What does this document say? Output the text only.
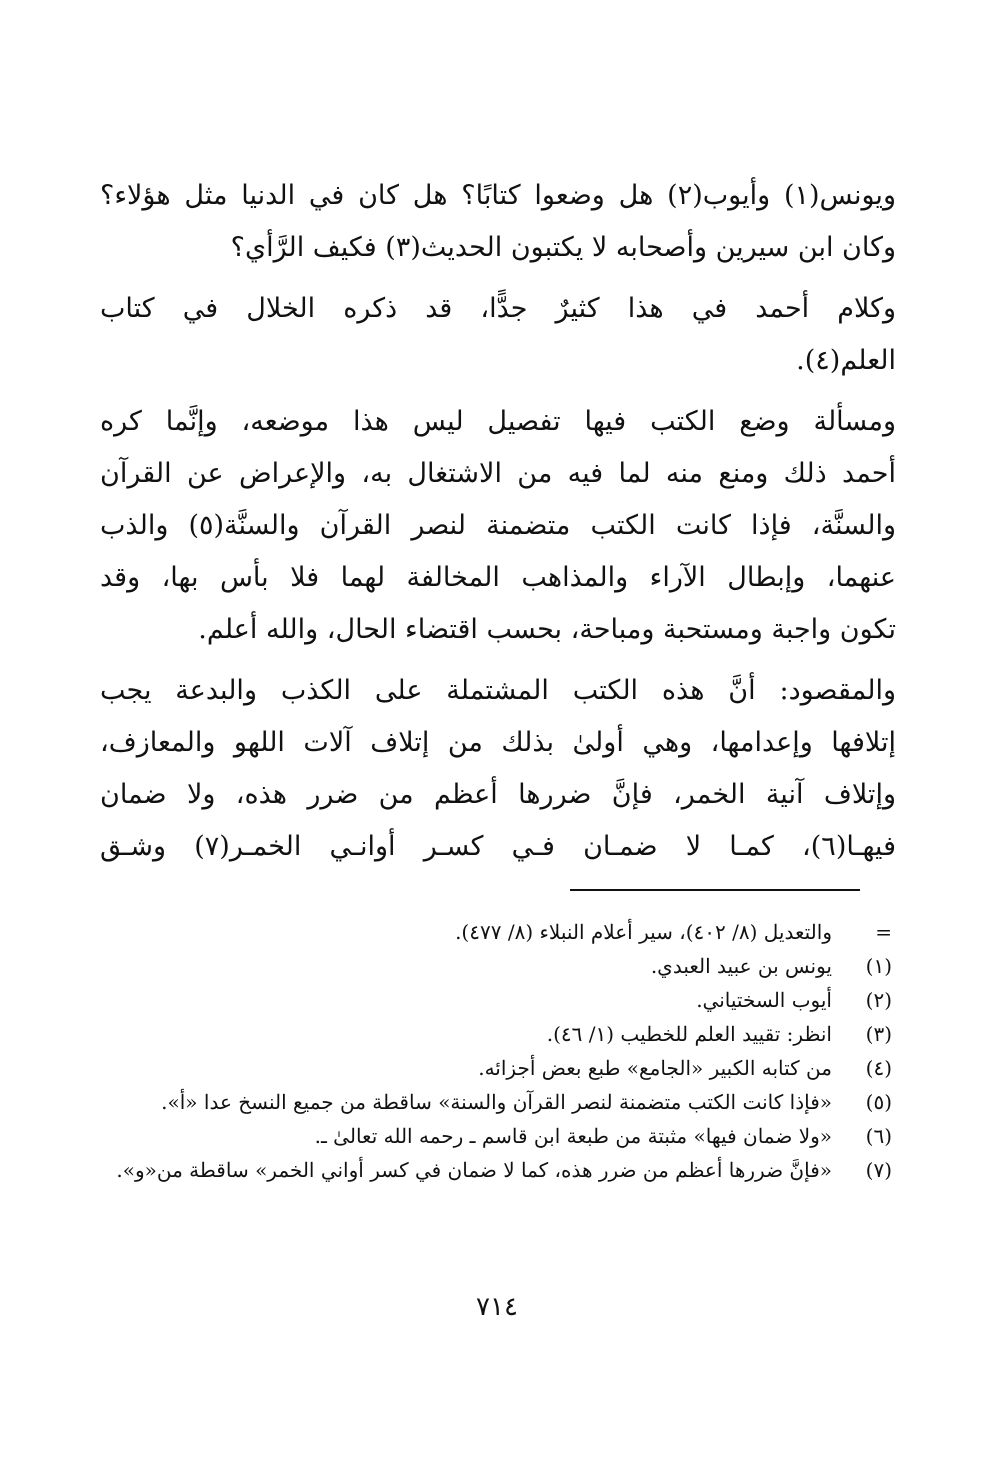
ويونس(١) وأيوب(٢) هل وضعوا كتابًا؟ هل كان في الدنيا مثل هؤلاء؟
وكان ابن سيرين وأصحابه لا يكتبون الحديث(٣) فكيف الرَّأي؟

وكلام أحمد في هذا كثيرٌ جدًّا، قد ذكره الخلال في كتاب
العلم(٤).

ومسألة وضع الكتب فيها تفصيل ليس هذا موضعه، وإنَّما كره
أحمد ذلك ومنع منه لما فيه من الاشتغال به، والإعراض عن القرآن
والسنَّة، فإذا كانت الكتب متضمنة لنصر القرآن والسنَّة(٥) والذب
عنهما، وإبطال الآراء والمذاهب المخالفة لهما فلا بأس بها، وقد
تكون واجبة ومستحبة ومباحة، بحسب اقتضاء الحال، والله أعلم.

والمقصود: أنَّ هذه الكتب المشتملة على الكذب والبدعة يجب
إتلافها وإعدامها، وهي أولىٰ بذلك من إتلاف آلات اللهو والمعازف،
وإتلاف آنية الخمر، فإنَّ ضررها أعظم من ضرر هذه، ولا ضمان
فيهـا(٦)، كمـا لا ضمـان فـي كسـر أوانـي الخمـر(٧) وشـق

=
والتعديل (٨/ ٤٠٢)، سير أعلام النبلاء (٨/ ٤٧٧).
(١)
يونس بن عبيد العبدي.
(٢)
أيوب السختياني.
(٣)
انظر: تقييد العلم للخطيب (١/ ٤٦).
(٤)
من كتابه الكبير «الجامع» طبع بعض أجزائه.
(٥)
«فإذا كانت الكتب متضمنة لنصر القرآن والسنة» ساقطة من جميع النسخ عدا «أ».
(٦)
«ولا ضمان فيها» مثبتة من طبعة ابن قاسم ـ رحمه الله تعالىٰ ـ.
(٧)
«فإنَّ ضررها أعظم من ضرر هذه، كما لا ضمان في كسر أواني الخمر» ساقطة من«و».
٧١٤
